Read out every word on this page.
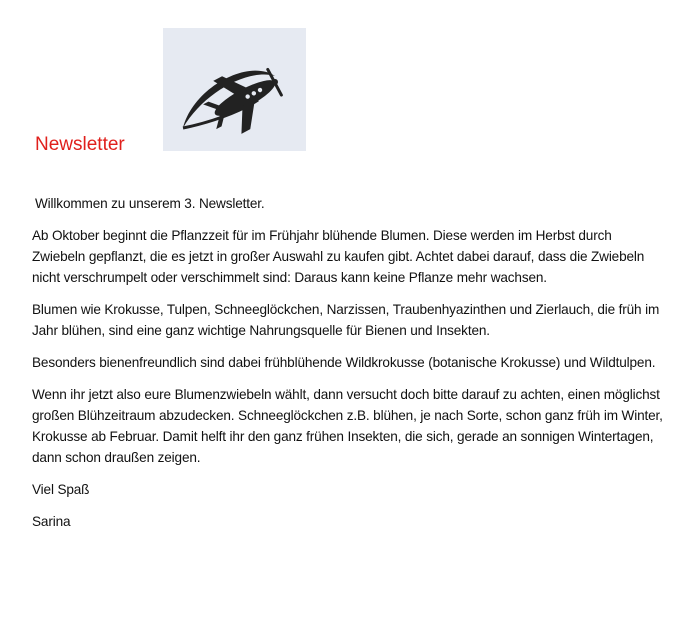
Newsletter

Willkommen zu unserem 3. Newsletter.

Ab Oktober beginnt die Pflanzzeit für im Frühjahr blühende Blumen. Diese werden im Herbst durch Zwiebeln gepflanzt, die es jetzt in großer Auswahl zu kaufen gibt. Achtet dabei darauf, dass die Zwiebeln nicht verschrumpelt oder verschimmelt sind: Daraus kann keine Pflanze mehr wachsen.

Blumen wie Krokusse, Tulpen, Schneeglöckchen, Narzissen, Traubenhyazinthen und Zierlauch, die früh im Jahr blühen, sind eine ganz wichtige Nahrungsquelle für Bienen und Insekten.

Besonders bienenfreundlich sind dabei frühblühende Wildkrokusse (botanische Krokusse) und Wildtulpen.

Wenn ihr jetzt also eure Blumenzwiebeln wählt, dann versucht doch bitte darauf zu achten, einen möglichst großen Blühzeitraum abzudecken. Schneeglöckchen z.B. blühen, je nach Sorte, schon ganz früh im Winter, Krokusse ab Februar. Damit helft ihr den ganz frühen Insekten, die sich, gerade an sonnigen Wintertagen, dann schon draußen zeigen.

Viel Spaß

Sarina
